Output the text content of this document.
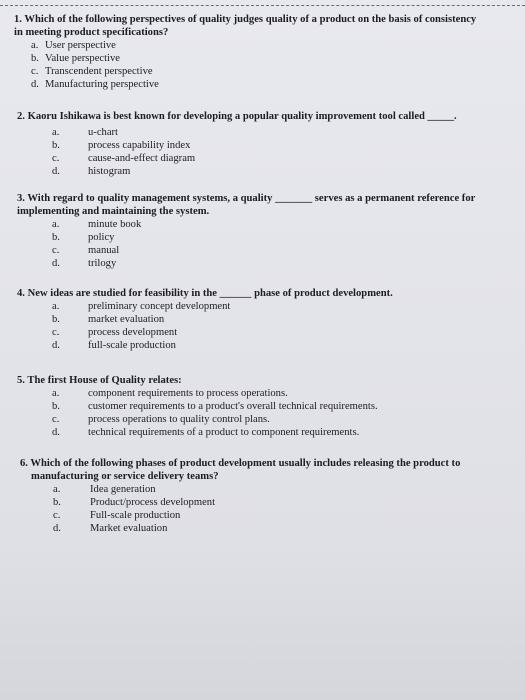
1. Which of the following perspectives of quality judges quality of a product on the basis of consistency
in meeting product specifications?
a. User perspective
b. Value perspective
c. Transcendent perspective
d. Manufacturing perspective
2. Kaoru Ishikawa is best known for developing a popular quality improvement tool called _____.
a.	u-chart
b.	process capability index
c.	cause-and-effect diagram
d.	histogram
3. With regard to quality management systems, a quality _______ serves as a permanent reference for
implementing and maintaining the system.
a.	minute book
b.	policy
c.	manual
d.	trilogy
4. New ideas are studied for feasibility in the ______ phase of product development.
a.	preliminary concept development
b.	market evaluation
c.	process development
d.	full-scale production
5. The first House of Quality relates:
a.	component requirements to process operations.
b.	customer requirements to a product's overall technical requirements.
c.	process operations to quality control plans.
d.	technical requirements of a product to component requirements.
6. Which of the following phases of product development usually includes releasing the product to
manufacturing or service delivery teams?
a.	Idea generation
b.	Product/process development
c.	Full-scale production
d.	Market evaluation
